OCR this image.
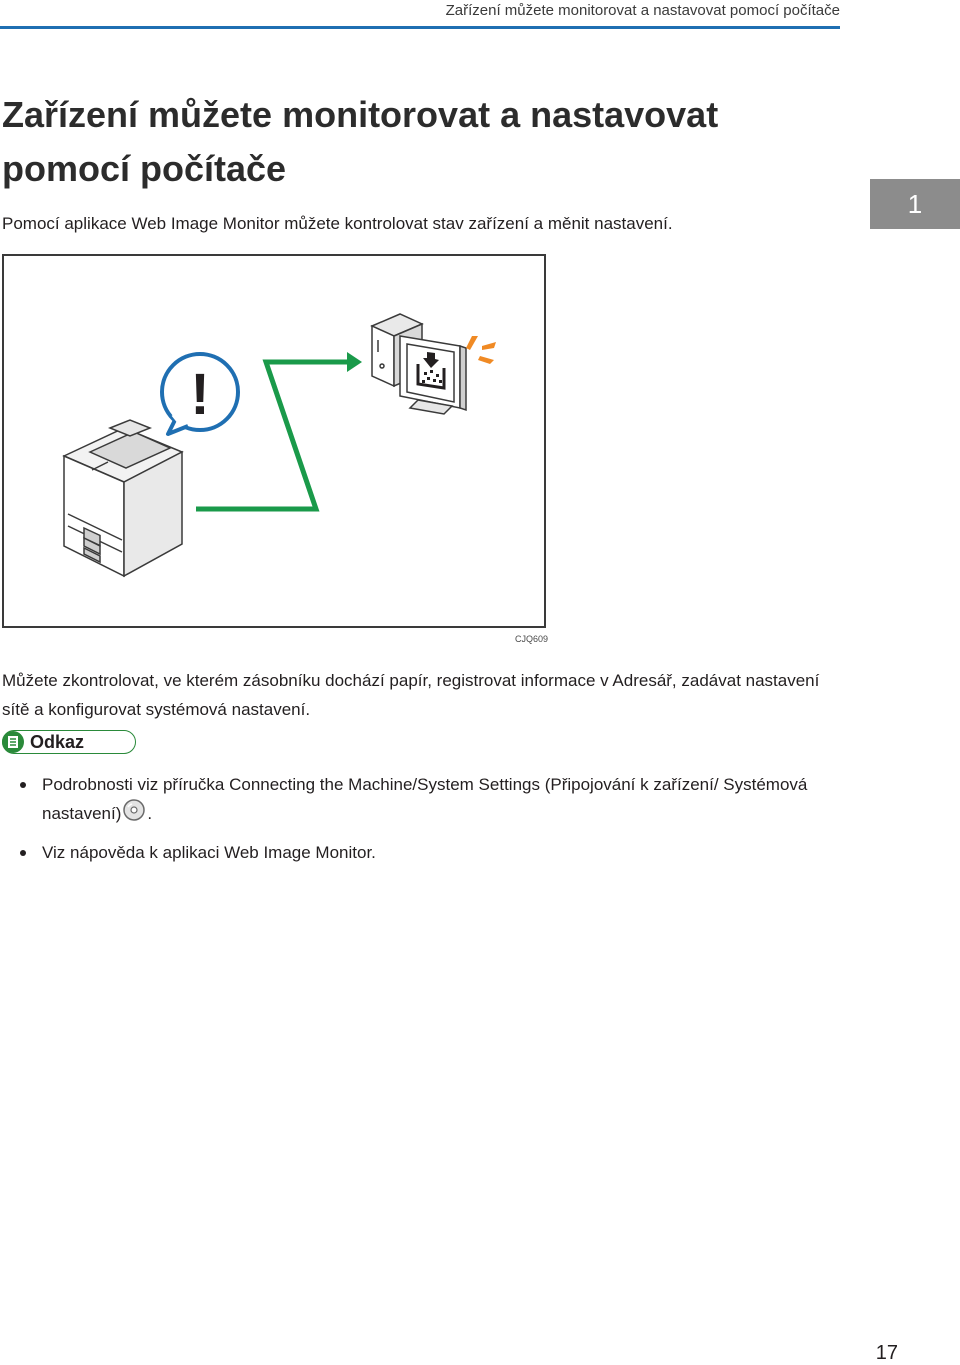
Zařízení můžete monitorovat a nastavovat pomocí počítače
Zařízení můžete monitorovat a nastavovat pomocí počítače
1
Pomocí aplikace Web Image Monitor můžete kontrolovat stav zařízení a měnit nastavení.
!
CJQ609

Můžete zkontrolovat, ve kterém zásobníku dochází papír, registrovat informace v Adresář, zadávat nastavení sítě a konfigurovat systémová nastavení.

Odkaz
Podrobnosti viz příručka Connecting the Machine/System Settings (Připojování k zařízení/ Systémová nastavení) .
Viz nápověda k aplikaci Web Image Monitor.
17
